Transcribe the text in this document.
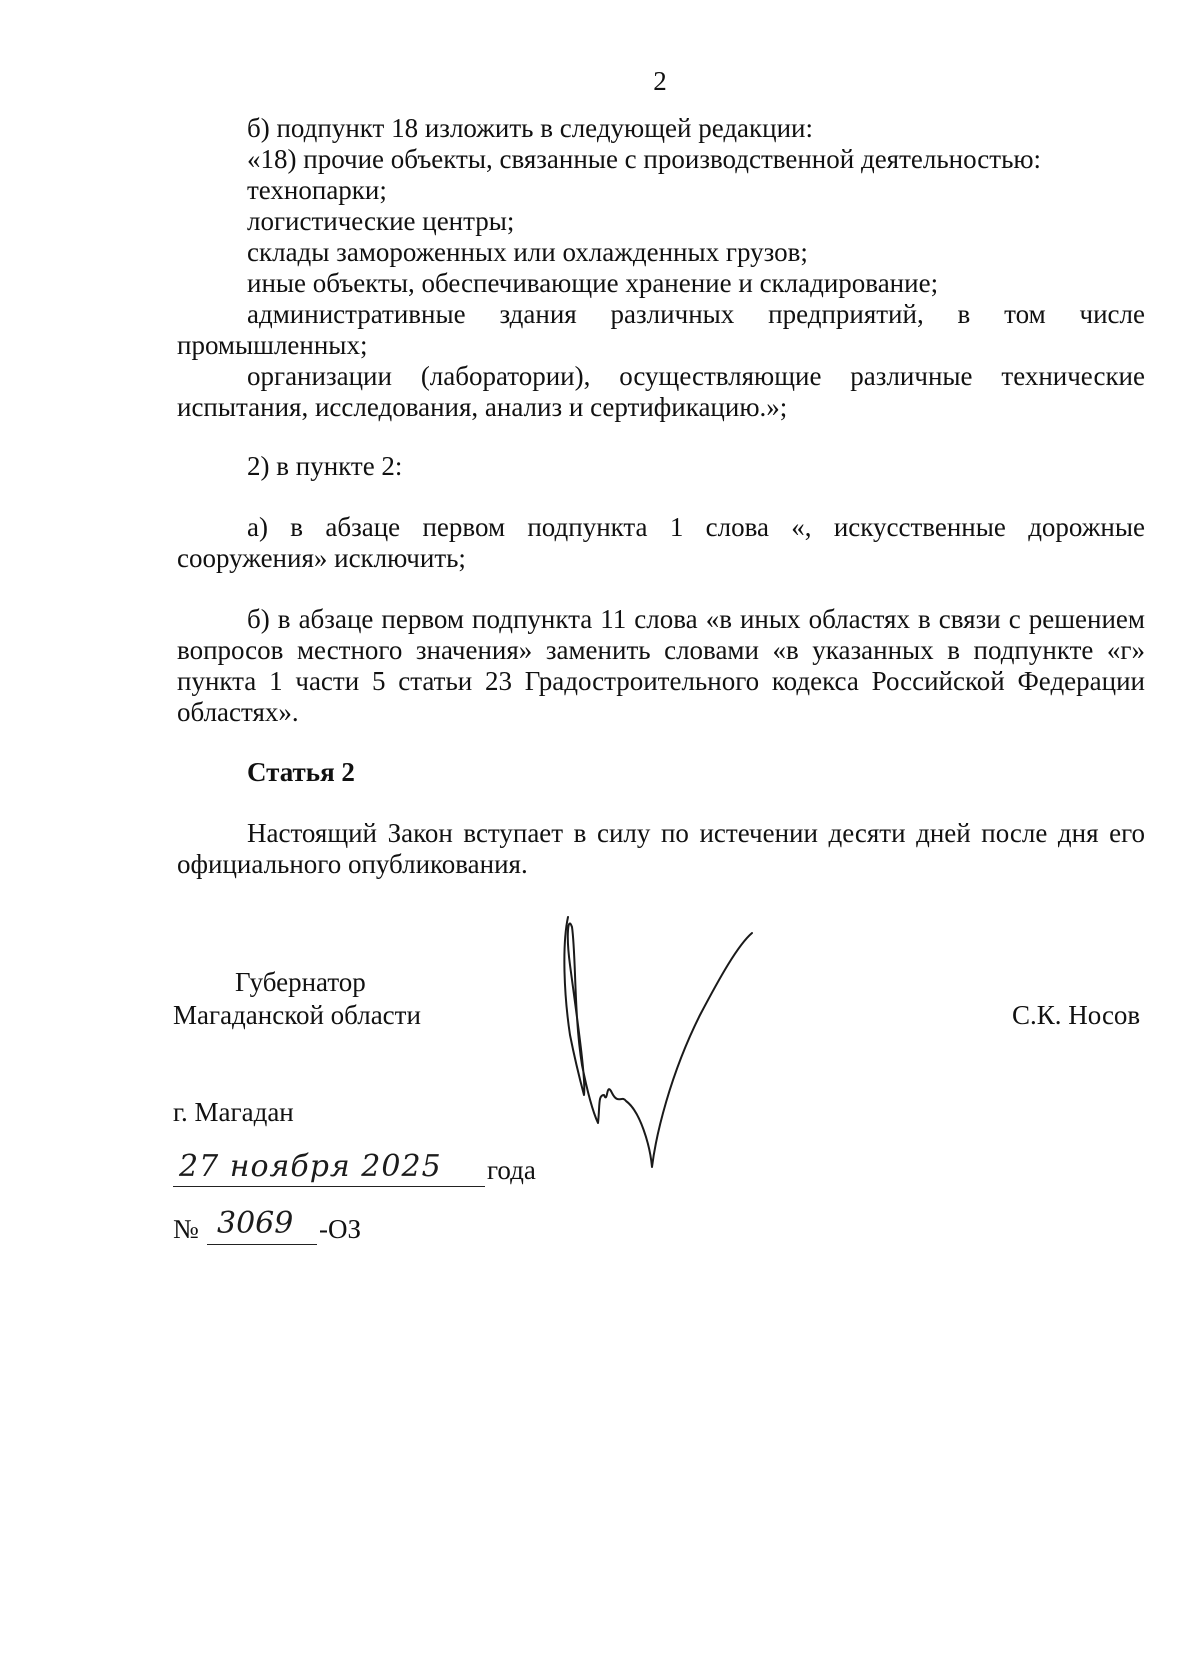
2
б) подпункт 18 изложить в следующей редакции:
«18) прочие объекты, связанные с производственной деятельностью:
технопарки;
логистические центры;
склады замороженных или охлажденных грузов;
иные объекты, обеспечивающие хранение и складирование;
административные здания различных предприятий, в том числе промышленных;
организации (лаборатории), осуществляющие различные технические испытания, исследования, анализ и сертификацию.»;
2) в пункте 2:
а) в абзаце первом подпункта 1 слова «, искусственные дорожные сооружения» исключить;
б) в абзаце первом подпункта 11 слова «в иных областях в связи с решением вопросов местного значения» заменить словами «в указанных в подпункте «г» пункта 1 части 5 статьи 23 Градостроительного кодекса Российской Федерации областях».
Статья 2
Настоящий Закон вступает в силу по истечении десяти дней после дня его официального опубликования.
Губернатор
Магаданской области	С.К. Носов
г. Магадан
27 ноября 2025 года
№ 3069 -ОЗ
